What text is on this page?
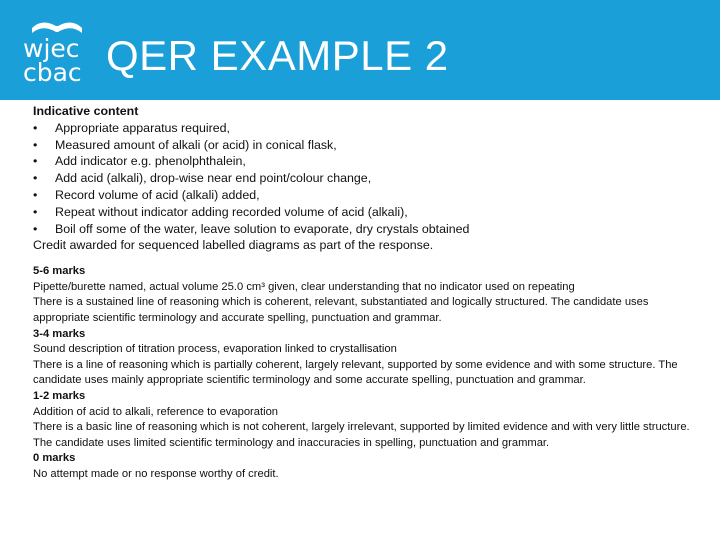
wjec
cbac QER EXAMPLE 2
Indicative content
• Appropriate apparatus required,
• Measured amount of alkali (or acid) in conical flask,
• Add indicator e.g. phenolphthalein,
• Add acid (alkali), drop-wise near end point/colour change,
• Record volume of acid (alkali) added,
• Repeat without indicator adding recorded volume of acid (alkali),
• Boil off some of the water, leave solution to evaporate, dry crystals obtained
Credit awarded for sequenced labelled diagrams as part of the response.
5-6 marks
Pipette/burette named, actual volume 25.0 cm³ given, clear understanding that no indicator used on repeating
There is a sustained line of reasoning which is coherent, relevant, substantiated and logically structured. The candidate uses appropriate scientific terminology and accurate spelling, punctuation and grammar.
3-4 marks
Sound description of titration process, evaporation linked to crystallisation
There is a line of reasoning which is partially coherent, largely relevant, supported by some evidence and with some structure. The candidate uses mainly appropriate scientific terminology and some accurate spelling, punctuation and grammar.
1-2 marks
Addition of acid to alkali, reference to evaporation
There is a basic line of reasoning which is not coherent, largely irrelevant, supported by limited evidence and with very little structure. The candidate uses limited scientific terminology and inaccuracies in spelling, punctuation and grammar.
0 marks
No attempt made or no response worthy of credit.
